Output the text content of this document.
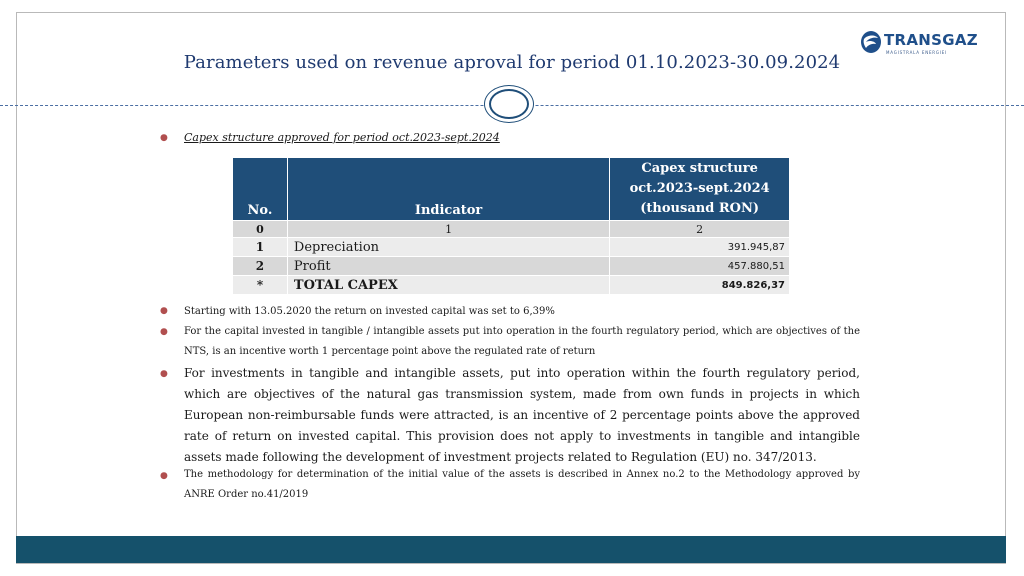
Parameters used on revenue aproval for period 01.10.2023-30.09.2024
TRANSGAZ
MAGISTRALA ENERGIEI
● Capex structure approved for period oct.2023-sept.2024
No.	Indicator	Capex structure
oct.2023-sept.2024
(thousand RON)

0	1	2
1	Depreciation	391.945,87
2	Profit	457.880,51
*	TOTAL CAPEX	849.826,37
● Starting with 13.05.2020 the return on invested capital was set to 6,39%
● For the capital invested in tangible / intangible assets put into operation in the fourth regulatory period, which are objectives of the NTS, is an incentive worth 1 percentage point above the regulated rate of return
● For investments in tangible and intangible assets, put into operation within the fourth regulatory period, which are objectives of the natural gas transmission system, made from own funds in projects in which European non-reimbursable funds were attracted, is an incentive of 2 percentage points above the approved rate of return on invested capital. This provision does not apply to investments in tangible and intangible assets made following the development of investment projects related to Regulation (EU) no. 347/2013.
● The methodology for determination of the initial value of the assets is described in Annex no.2 to the Methodology approved by ANRE Order no.41/2019
